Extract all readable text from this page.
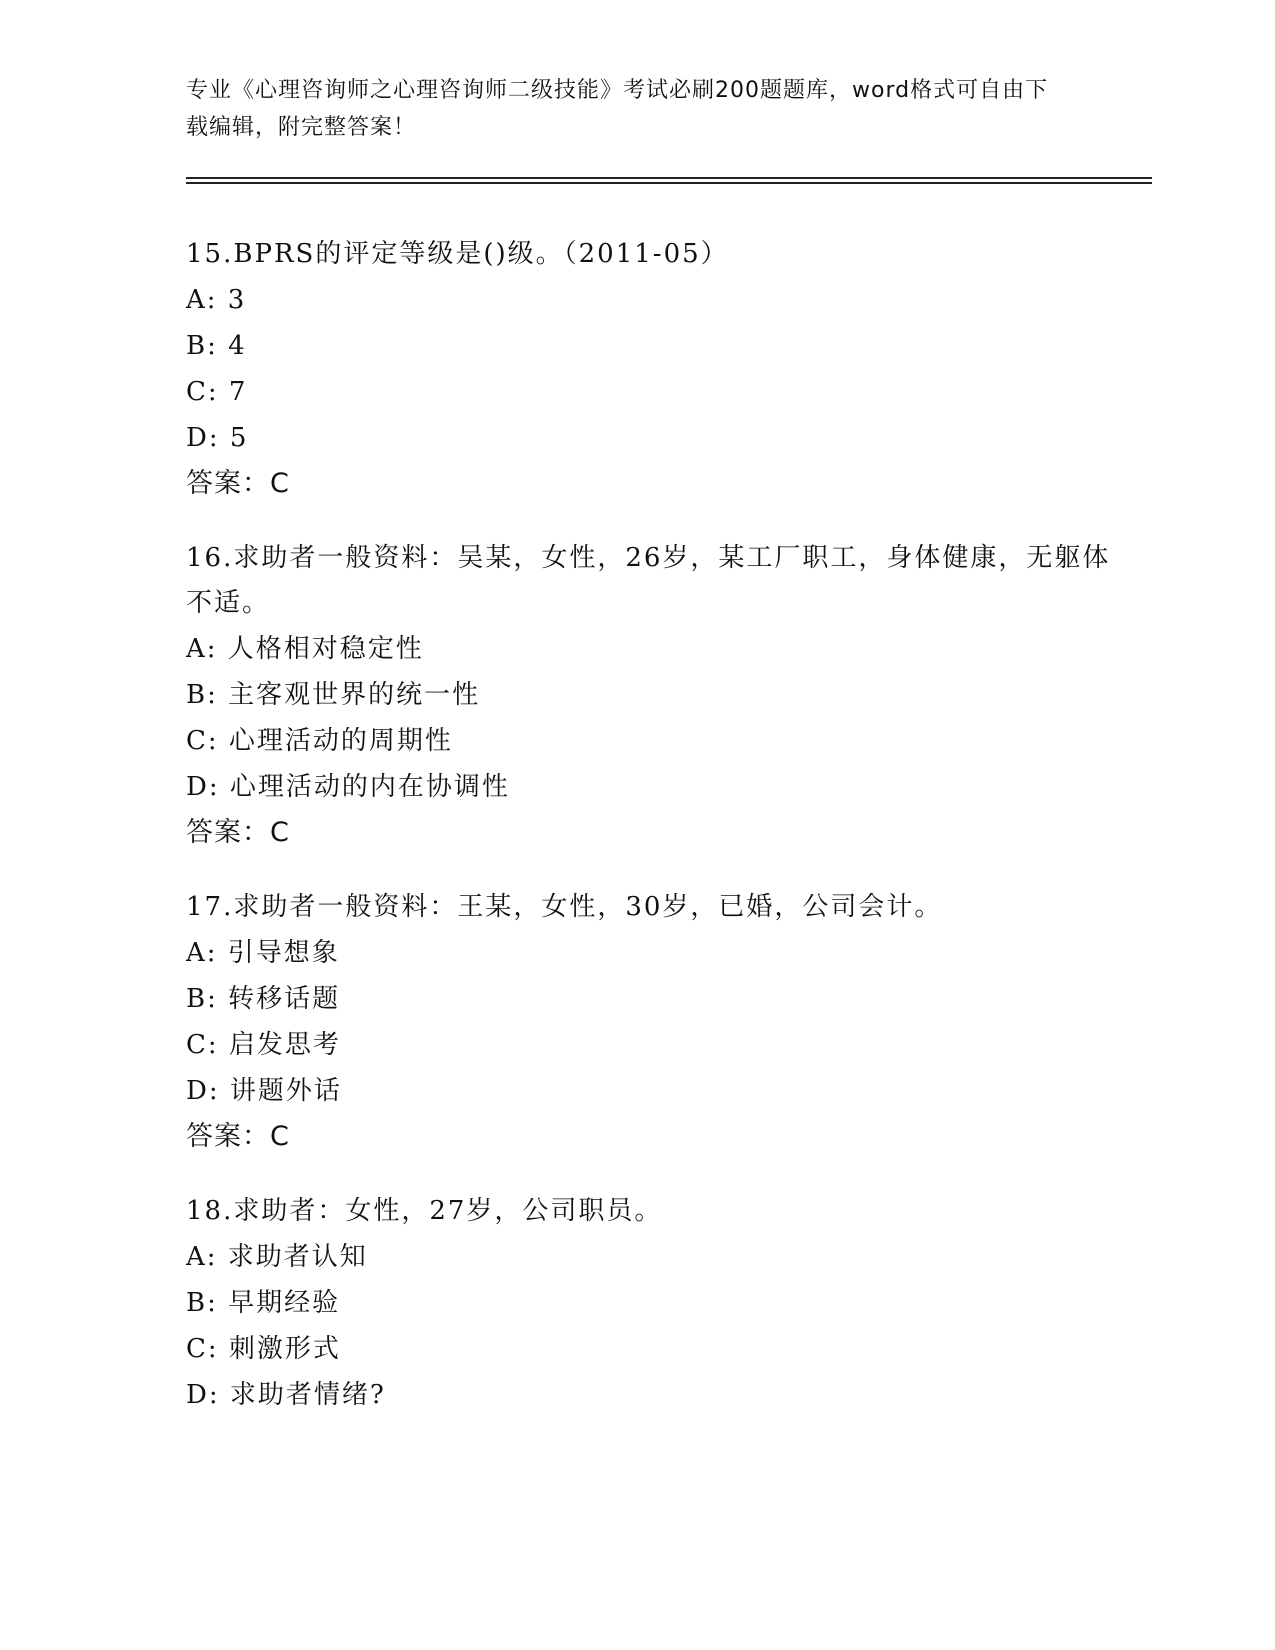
专业《心理咨询师之心理咨询师二级技能》考试必刷200题题库，word格式可自由下载编辑，附完整答案！
15.BPRS的评定等级是()级。（2011-05）
A: 3
B: 4
C: 7
D: 5
答案：C
16.求助者一般资料：吴某，女性，26岁，某工厂职工，身体健康，无躯体不适。
A: 人格相对稳定性
B: 主客观世界的统一性
C: 心理活动的周期性
D: 心理活动的内在协调性
答案：C
17.求助者一般资料：王某，女性，30岁，已婚，公司会计。
A: 引导想象
B: 转移话题
C: 启发思考
D: 讲题外话
答案：C
18.求助者：女性，27岁，公司职员。
A: 求助者认知
B: 早期经验
C: 刺激形式
D: 求助者情绪?
